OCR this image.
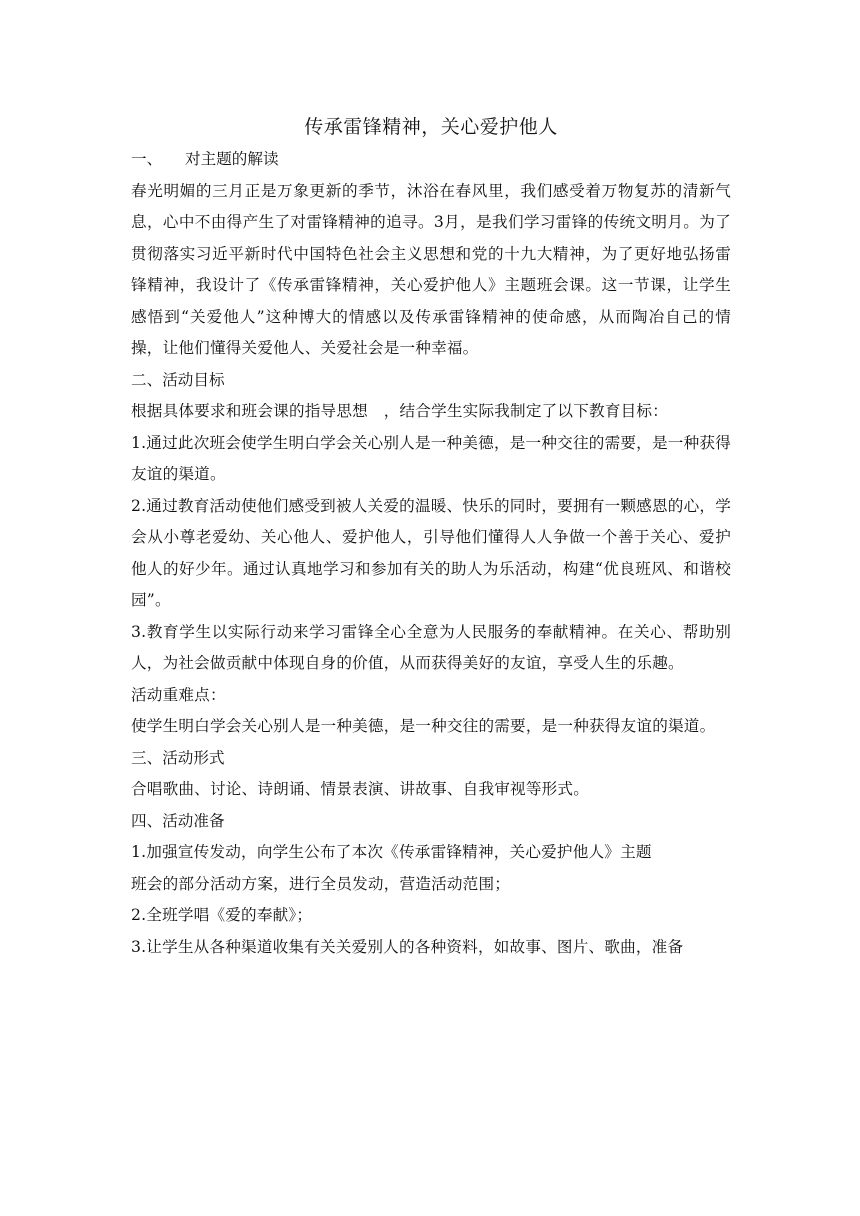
传承雷锋精神，关心爱护他人

一、 对主题的解读

春光明媚的三月正是万象更新的季节，沐浴在春风里，我们感受着万物复苏的清新气息，心中不由得产生了对雷锋精神的追寻。3月，是我们学习雷锋的传统文明月。为了贯彻落实习近平新时代中国特色社会主义思想和党的十九大精神，为了更好地弘扬雷锋精神，我设计了《传承雷锋精神，关心爱护他人》主题班会课。这一节课，让学生感悟到“关爱他人”这种博大的情感以及传承雷锋精神的使命感，从而陶冶自己的情操，让他们懂得关爱他人、关爱社会是一种幸福。

二、活动目标

根据具体要求和班会课的指导思想　，结合学生实际我制定了以下教育目标：

1.通过此次班会使学生明白学会关心别人是一种美德，是一种交往的需要，是一种获得友谊的渠道。

2.通过教育活动使他们感受到被人关爱的温暖、快乐的同时，要拥有一颗感恩的心，学会从小尊老爱幼、关心他人、爱护他人，引导他们懂得人人争做一个善于关心、爱护他人的好少年。通过认真地学习和参加有关的助人为乐活动，构建“优良班风、和谐校园”。

3.教育学生以实际行动来学习雷锋全心全意为人民服务的奉献精神。在关心、帮助别人，为社会做贡献中体现自身的价值，从而获得美好的友谊，享受人生的乐趣。

活动重难点：

使学生明白学会关心别人是一种美德，是一种交往的需要，是一种获得友谊的渠道。

三、活动形式

合唱歌曲、讨论、诗朗诵、情景表演、讲故事、自我审视等形式。

四、活动准备

1.加强宣传发动，向学生公布了本次《传承雷锋精神，关心爱护他人》主题

班会的部分活动方案，进行全员发动，营造活动范围；

2.全班学唱《爱的奉献》；

3.让学生从各种渠道收集有关关爱别人的各种资料，如故事、图片、歌曲，准备
